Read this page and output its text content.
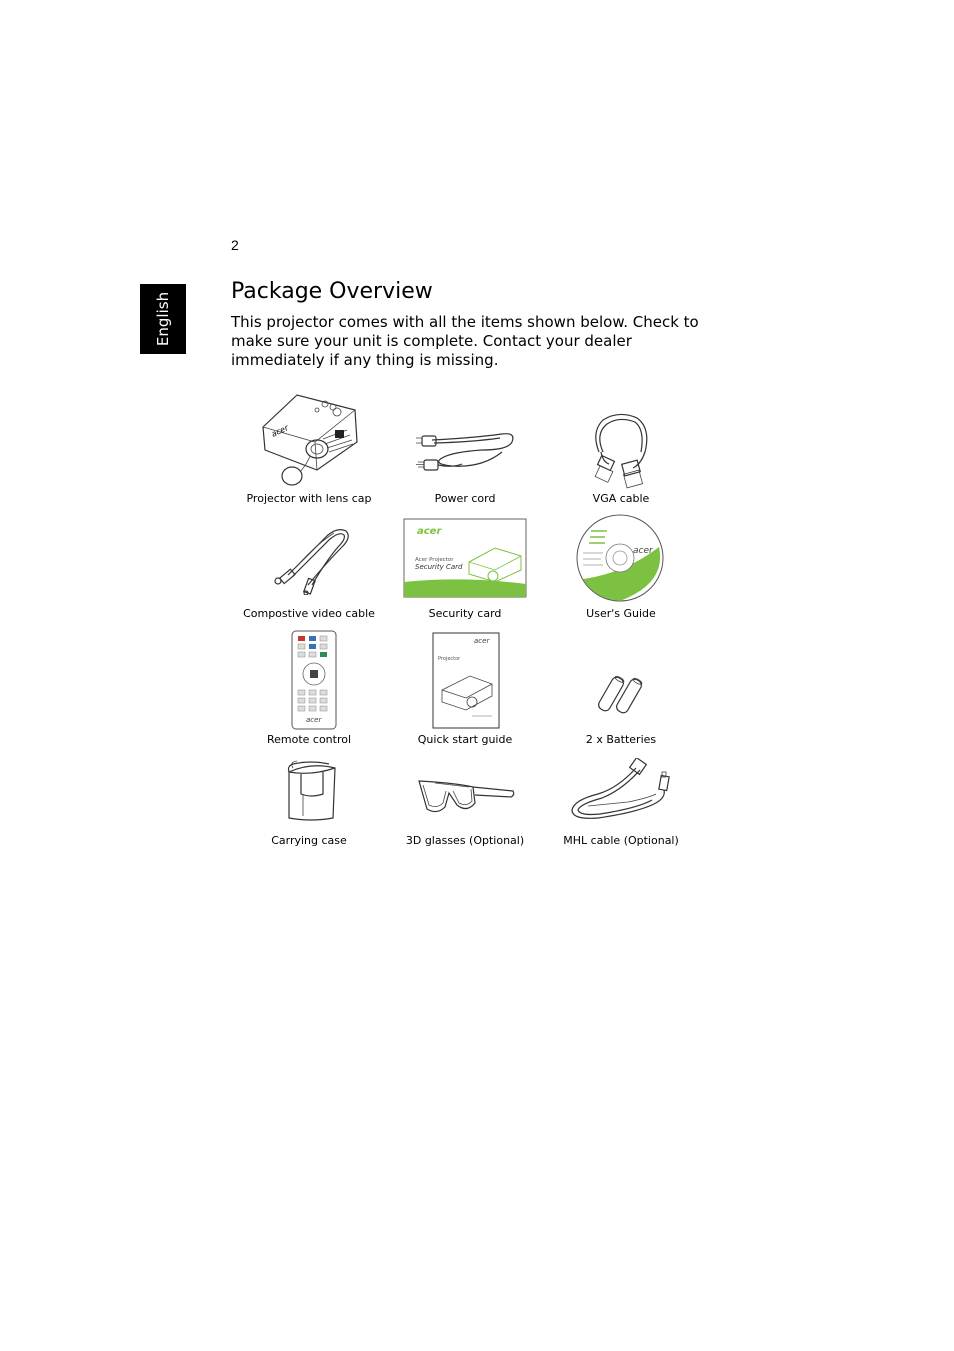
2
English
Package Overview

This projector comes with all the items shown below. Check to make sure your unit is complete. Contact your dealer immediately if any thing is missing.

acer
Projector with lens cap	Power cord	VGA cable
Compostive video cable
acer
Acer Projector
Security Card
Security card
acer
User's Guide
acer
Remote control
acer
Projector
Quick start guide	2 x Batteries
Carrying case	3D glasses (Optional)	MHL cable (Optional)
